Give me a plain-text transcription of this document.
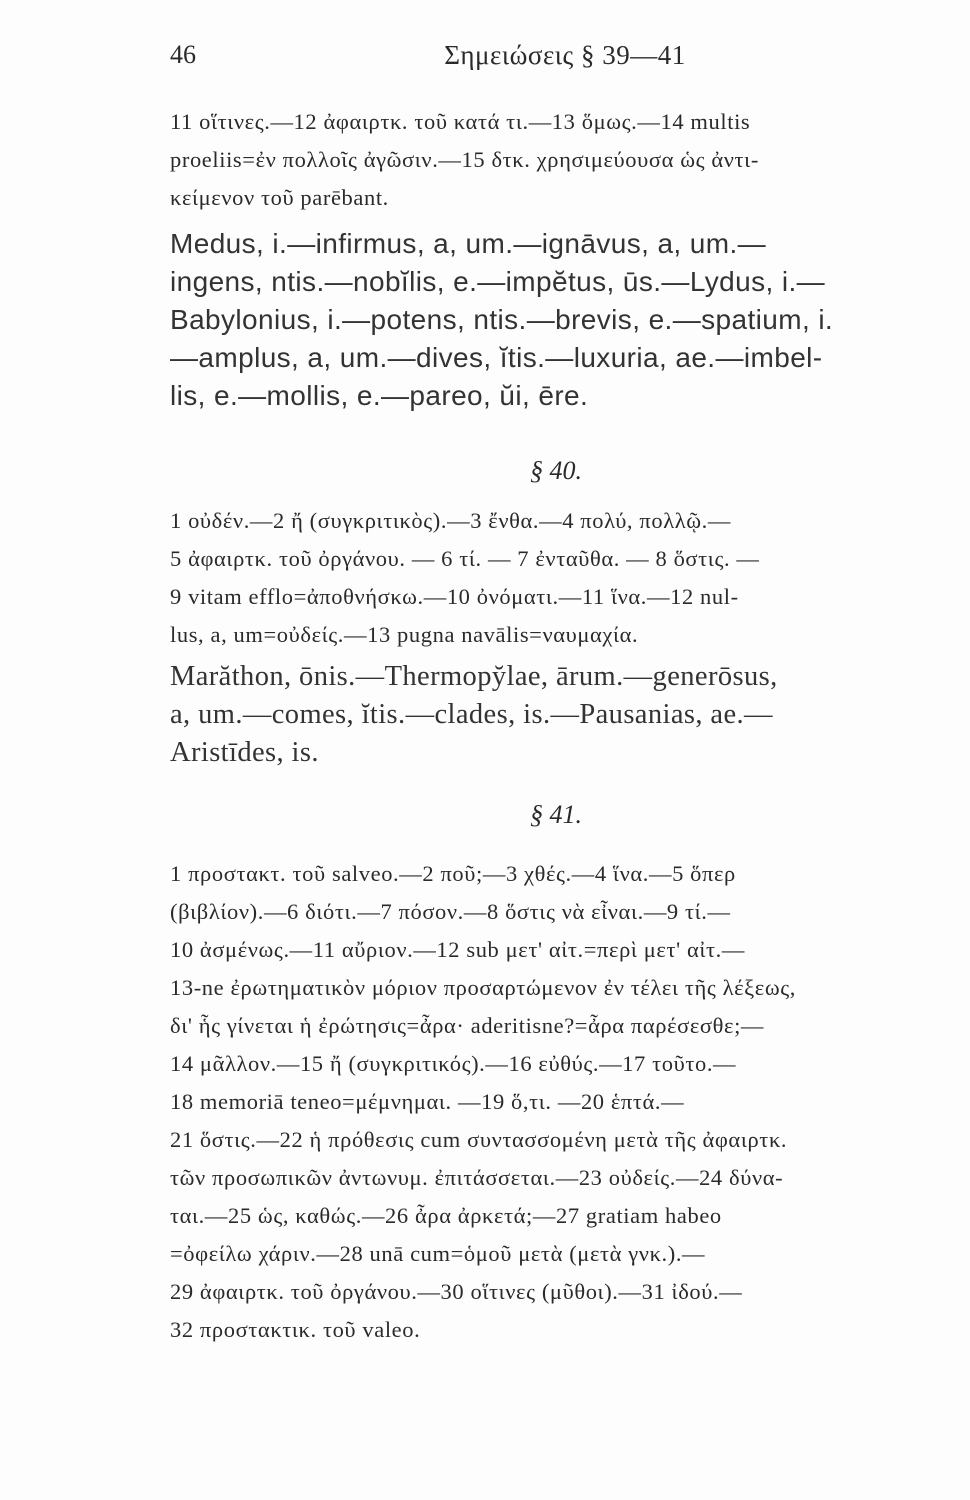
46	Σημειώσεις § 39—41
11 οἵτινες.—12 ἀφαιρτκ. τοῦ κατά τι.—13 ὅμως.—14 multis
proeliis=ἐν πολλοῖς ἀγῶσιν.—15 δτκ. χρησιμεύουσα ὡς ἀντι-
κείμενον τοῦ parēbant.
Medus, i.—infirmus, a, um.—ignāvus, a, um.—
ingens, ntis.—nobĭlis, e.—impĕtus, ūs.—Lydus, i.—
Babylonius, i.—potens, ntis.—brevis, e.—spatium, i.
—amplus, a, um.—dives, ĭtis.—luxuria, ae.—imbel-
lis, e.—mollis, e.—pareo, ŭi, ēre.
§ 40.
1 οὐδέν.—2 ἤ (συγκριτικὸς).—3 ἔνθα.—4 πολύ, πολλῷ.—
5 ἀφαιρτκ. τοῦ ὀργάνου. — 6 τί. — 7 ἐνταῦθα. — 8 ὅστις. —
9 vitam efflo=ἀποθνήσκω.—10 ὀνόματι.—11 ἵνα.—12 nul-
lus, a, um=οὐδείς.—13 pugna navālis=ναυμαχία.
Marăthon, ōnis.—Thermopy̆lae, ārum.—generōsus,
a, um.—comes, ĭtis.—clades, is.—Pausanias, ae.—
Aristīdes, is.
§ 41.
1 προστακτ. τοῦ salveo.—2 ποῦ;—3 χθές.—4 ἵνα.—5 ὅπερ
(βιβλίον).—6 διότι.—7 πόσον.—8 ὅστις νὰ εἶναι.—9 τί.—
10 ἀσμένως.—11 αὔριον.—12 sub μετ' αἰτ.=περὶ μετ' αἰτ.—
13-ne ἐρωτηματικὸν μόριον προσαρτώμενον ἐν τέλει τῆς λέξεως,
δι' ἧς γίνεται ἡ ἐρώτησις=ἆρα· aderitisne?=ἆρα παρέσεσθε;—
14 μᾶλλον.—15 ἤ (συγκριτικός).—16 εὐθύς.—17 τοῦτο.—
18 memoriā teneo=μέμνημαι. —19 ὅ,τι. —20 ἑπτά.—
21 ὅστις.—22 ἡ πρόθεσις cum συντασσομένη μετὰ τῆς ἀφαιρτκ.
τῶν προσωπικῶν ἀντωνυμ. ἐπιτάσσεται.—23 οὐδείς.—24 δύνα-
ται.—25 ὡς, καθώς.—26 ἆρα ἀρκετά;—27 gratiam habeo
=ὀφείλω χάριν.—28 unā cum=ὁμοῦ μετὰ (μετὰ γνκ.).—
29 ἀφαιρτκ. τοῦ ὀργάνου.—30 οἵτινες (μῦθοι).—31 ἰδού.—
32 προστακτικ. τοῦ valeo.
